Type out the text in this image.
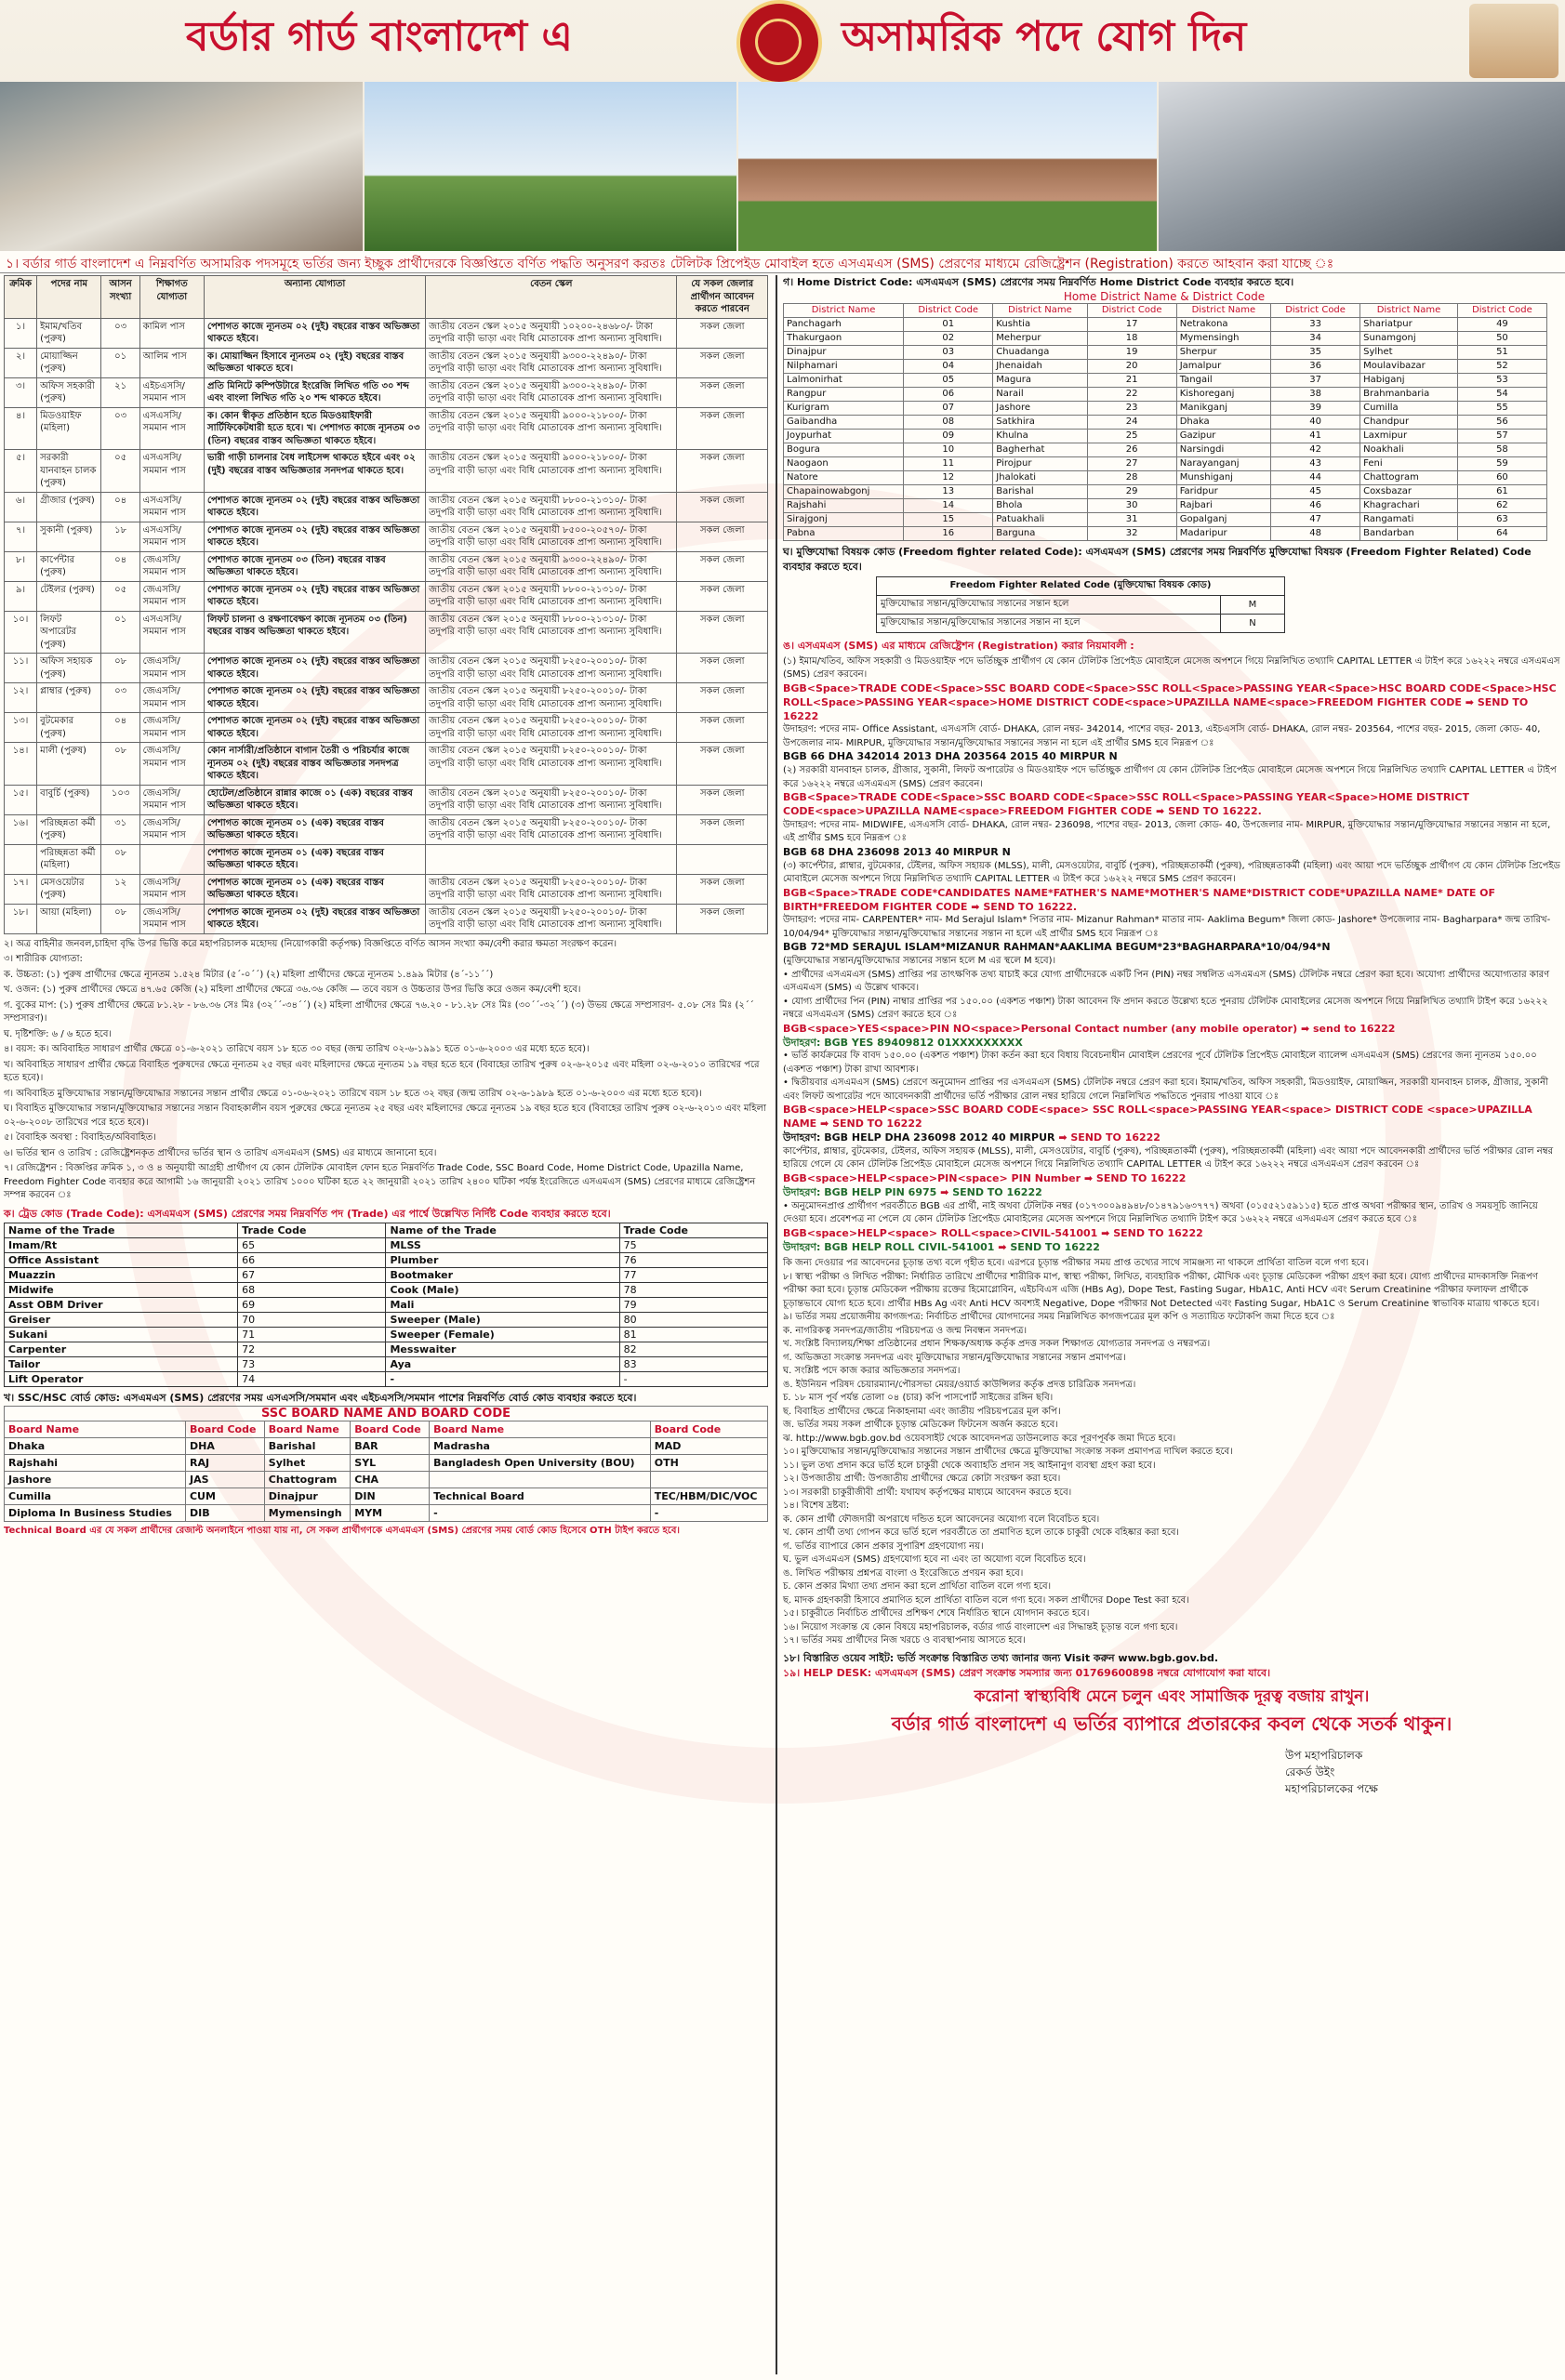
বর্ডার গার্ড বাংলাদেশ এ	অসামরিক পদে যোগ দিন
১। বর্ডার গার্ড বাংলাদেশ এ নিম্নবর্ণিত অসামরিক পদসমূহে ভর্তির জন্য ইচ্ছুক প্রার্থীদেরকে বিজ্ঞপ্তিতে বর্ণিত পদ্ধতি অনুসরণ করতঃ টেলিটক প্রিপেইড মোবাইল হতে এসএমএস (SMS) প্রেরণের মাধ্যমে রেজিষ্ট্রেশন (Registration) করতে আহবান করা যাচ্ছে ঃ
ক্রমিক	পদের নাম	আসন সংখ্যা	শিক্ষাগত যোগ্যতা	অন্যান্য যোগ্যতা	বেতন স্কেল	যে সকল জেলার প্রার্থীগন আবেদন করতে পারবেন
১।	ইমাম/খতিব (পুরুষ)	০৩	কামিল পাস	পেশাগত কাজে ন্যূনতম ০২ (দুই) বছরের বাস্তব অভিজ্ঞতা থাকতে হইবে।	জাতীয় বেতন স্কেল ২০১৫ অনুযায়ী ১০২০০-২৪৬৮০/- টাকা তদুপরি বাড়ী ভাড়া এবং বিধি মোতাবেক প্রাপ্য অন্যান্য সুবিধাদি।	সকল জেলা
২।	মোয়াজ্জিন (পুরুষ)	০১	আলিম পাস	ক। মোয়াজ্জিন হিসাবে ন্যূনতম ০২ (দুই) বছরের বাস্তব অভিজ্ঞতা থাকতে হবে।	জাতীয় বেতন স্কেল ২০১৫ অনুযায়ী ৯৩০০-২২৪৯০/- টাকা তদুপরি বাড়ী ভাড়া এবং বিধি মোতাবেক প্রাপ্য অন্যান্য সুবিধাদি।	সকল জেলা
৩।	অফিস সহকারী (পুরুষ)	২১	এইচএসসি/ সমমান পাস	প্রতি মিনিটে কম্পিউটারে ইংরেজি লিখিত গতি ৩০ শব্দ এবং বাংলা লিখিত গতি ২০ শব্দ থাকতে হইবে।	জাতীয় বেতন স্কেল ২০১৫ অনুযায়ী ৯৩০০-২২৪৯০/- টাকা তদুপরি বাড়ী ভাড়া এবং বিধি মোতাবেক প্রাপ্য অন্যান্য সুবিধাদি।	সকল জেলা
৪।	মিডওয়াইফ (মহিলা)	০৩	এসএসসি/ সমমান পাস	ক। কোন স্বীকৃত প্রতিষ্ঠান হতে মিডওয়াইফারী সার্টিফিকেটধারী হতে হবে। খ। পেশাগত কাজে ন্যূনতম ০৩ (তিন) বছরের বাস্তব অভিজ্ঞতা থাকতে হইবে।	জাতীয় বেতন স্কেল ২০১৫ অনুযায়ী ৯০০০-২১৮০০/- টাকা তদুপরি বাড়ী ভাড়া এবং বিধি মোতাবেক প্রাপ্য অন্যান্য সুবিধাদি।	সকল জেলা
৫।	সরকারী যানবাহন চালক (পুরুষ)	০৫	এসএসসি/ সমমান পাস	ভারী গাড়ী চালনার বৈধ লাইসেন্স থাকতে হইবে এবং ০২ (দুই) বছরের বাস্তব অভিজ্ঞতার সনদপত্র থাকতে হবে।	জাতীয় বেতন স্কেল ২০১৫ অনুযায়ী ৯০০০-২১৮০০/- টাকা তদুপরি বাড়ী ভাড়া এবং বিধি মোতাবেক প্রাপ্য অন্যান্য সুবিধাদি।	সকল জেলা
৬।	গ্রীজার (পুরুষ)	০৪	এসএসসি/ সমমান পাস	পেশাগত কাজে ন্যূনতম ০২ (দুই) বছরের বাস্তব অভিজ্ঞতা থাকতে হইবে।	জাতীয় বেতন স্কেল ২০১৫ অনুযায়ী ৮৮০০-২১৩১০/- টাকা তদুপরি বাড়ী ভাড়া এবং বিধি মোতাবেক প্রাপ্য অন্যান্য সুবিধাদি।	সকল জেলা
৭।	সুকানী (পুরুষ)	১৮	এসএসসি/ সমমান পাস	পেশাগত কাজে ন্যূনতম ০২ (দুই) বছরের বাস্তব অভিজ্ঞতা থাকতে হইবে।	জাতীয় বেতন স্কেল ২০১৫ অনুযায়ী ৮৫০০-২০৫৭০/- টাকা তদুপরি বাড়ী ভাড়া এবং বিধি মোতাবেক প্রাপ্য অন্যান্য সুবিধাদি।	সকল জেলা
৮।	কার্পেন্টার (পুরুষ)	০৪	জেএসসি/ সমমান পাস	পেশাগত কাজে ন্যূনতম ০৩ (তিন) বছরের বাস্তব অভিজ্ঞতা থাকতে হইবে।	জাতীয় বেতন স্কেল ২০১৫ অনুযায়ী ৯৩০০-২২৪৯০/- টাকা তদুপরি বাড়ী ভাড়া এবং বিধি মোতাবেক প্রাপ্য অন্যান্য সুবিধাদি।	সকল জেলা
৯।	টেইলর (পুরুষ)	০৫	জেএসসি/ সমমান পাস	পেশাগত কাজে ন্যূনতম ০২ (দুই) বছরের বাস্তব অভিজ্ঞতা থাকতে হইবে।	জাতীয় বেতন স্কেল ২০১৫ অনুযায়ী ৮৮০০-২১৩১০/- টাকা তদুপরি বাড়ী ভাড়া এবং বিধি মোতাবেক প্রাপ্য অন্যান্য সুবিধাদি।	সকল জেলা
১০।	লিফট অপারেটর (পুরুষ)	০১	এসএসসি/ সমমান পাস	লিফট চালনা ও রক্ষণাবেক্ষণ কাজে ন্যূনতম ০৩ (তিন) বছরের বাস্তব অভিজ্ঞতা থাকতে হইবে।	জাতীয় বেতন স্কেল ২০১৫ অনুযায়ী ৮৮০০-২১৩১০/- টাকা তদুপরি বাড়ী ভাড়া এবং বিধি মোতাবেক প্রাপ্য অন্যান্য সুবিধাদি।	সকল জেলা
১১।	অফিস সহায়ক (পুরুষ)	০৮	জেএসসি/ সমমান পাস	পেশাগত কাজে ন্যূনতম ০২ (দুই) বছরের বাস্তব অভিজ্ঞতা থাকতে হইবে।	জাতীয় বেতন স্কেল ২০১৫ অনুযায়ী ৮২৫০-২০০১০/- টাকা তদুপরি বাড়ী ভাড়া এবং বিধি মোতাবেক প্রাপ্য অন্যান্য সুবিধাদি।	সকল জেলা
১২।	প্লাম্বার (পুরুষ)	০৩	জেএসসি/ সমমান পাস	পেশাগত কাজে ন্যূনতম ০২ (দুই) বছরের বাস্তব অভিজ্ঞতা থাকতে হইবে।	জাতীয় বেতন স্কেল ২০১৫ অনুযায়ী ৮২৫০-২০০১০/- টাকা তদুপরি বাড়ী ভাড়া এবং বিধি মোতাবেক প্রাপ্য অন্যান্য সুবিধাদি।	সকল জেলা
১৩।	বুটমেকার (পুরুষ)	০৪	জেএসসি/ সমমান পাস	পেশাগত কাজে ন্যূনতম ০২ (দুই) বছরের বাস্তব অভিজ্ঞতা থাকতে হইবে।	জাতীয় বেতন স্কেল ২০১৫ অনুযায়ী ৮২৫০-২০০১০/- টাকা তদুপরি বাড়ী ভাড়া এবং বিধি মোতাবেক প্রাপ্য অন্যান্য সুবিধাদি।	সকল জেলা
১৪।	মালী (পুরুষ)	০৮	জেএসসি/ সমমান পাস	কোন নার্সারী/প্রতিষ্ঠানে বাগান তৈরী ও পরিচর্যার কাজে ন্যূনতম ০২ (দুই) বছরের বাস্তব অভিজ্ঞতার সনদপত্র থাকতে হইবে।	জাতীয় বেতন স্কেল ২০১৫ অনুযায়ী ৮২৫০-২০০১০/- টাকা তদুপরি বাড়ী ভাড়া এবং বিধি মোতাবেক প্রাপ্য অন্যান্য সুবিধাদি।	সকল জেলা
১৫।	বাবুর্চি (পুরুষ)	১০৩	জেএসসি/ সমমান পাস	হোটেল/প্রতিষ্ঠানে রান্নার কাজে ০১ (এক) বছরের বাস্তব অভিজ্ঞতা থাকতে হইবে।	জাতীয় বেতন স্কেল ২০১৫ অনুযায়ী ৮২৫০-২০০১০/- টাকা তদুপরি বাড়ী ভাড়া এবং বিধি মোতাবেক প্রাপ্য অন্যান্য সুবিধাদি।	সকল জেলা
১৬।	পরিচ্ছন্নতা কর্মী (পুরুষ)	৩১	জেএসসি/ সমমান পাস	পেশাগত কাজে ন্যূনতম ০১ (এক) বছরের বাস্তব অভিজ্ঞতা থাকতে হইবে।	জাতীয় বেতন স্কেল ২০১৫ অনুযায়ী ৮২৫০-২০০১০/- টাকা তদুপরি বাড়ী ভাড়া এবং বিধি মোতাবেক প্রাপ্য অন্যান্য সুবিধাদি।	সকল জেলা
	পরিচ্ছন্নতা কর্মী (মহিলা)	০৮		পেশাগত কাজে ন্যূনতম ০১ (এক) বছরের বাস্তব অভিজ্ঞতা থাকতে হইবে।		
১৭।	মেসওয়েটার (পুরুষ)	১২	জেএসসি/ সমমান পাস	পেশাগত কাজে ন্যূনতম ০১ (এক) বছরের বাস্তব অভিজ্ঞতা থাকতে হইবে।	জাতীয় বেতন স্কেল ২০১৫ অনুযায়ী ৮২৫০-২০০১০/- টাকা তদুপরি বাড়ী ভাড়া এবং বিধি মোতাবেক প্রাপ্য অন্যান্য সুবিধাদি।	সকল জেলা
১৮।	আয়া (মহিলা)	০৮	জেএসসি/ সমমান পাস	পেশাগত কাজে ন্যূনতম ০২ (দুই) বছরের বাস্তব অভিজ্ঞতা থাকতে হইবে।	জাতীয় বেতন স্কেল ২০১৫ অনুযায়ী ৮২৫০-২০০১০/- টাকা তদুপরি বাড়ী ভাড়া এবং বিধি মোতাবেক প্রাপ্য অন্যান্য সুবিধাদি।	সকল জেলা
২। অত্র বাহিনীর জনবল,চাহিদা বৃদ্ধি উপর ভিত্তি করে মহাপরিচালক মহোদয় (নিয়োগকারী কর্তৃপক্ষ) বিজ্ঞপ্তিতে বর্ণিত আসন সংখ্যা কম/বেশী করার ক্ষমতা সংরক্ষণ করেন।
৩। শারীরিক যোগ্যতা:
ক. উচ্চতা: (১) পুরুষ প্রার্থীদের ক্ষেত্রে ন্যূনতম ১.৫২৪ মিটার (৫´-০´´) (২) মহিলা প্রার্থীদের ক্ষেত্রে ন্যূনতম ১.৪৯৯ মিটার (৪´-১১´´)
খ. ওজন: (১) পুরুষ প্রার্থীদের ক্ষেত্রে ৪৭.৬৫ কেজি (২) মহিলা প্রার্থীদের ক্ষেত্রে ৩৬.৩৬ কেজি — তবে বয়স ও উচ্চতার উপর ভিত্তি করে ওজন কম/বেশী হবে।
গ. বুকের মাপ: (১) পুরুষ প্রার্থীদের ক্ষেত্রে ৮১.২৮ - ৮৬.৩৬ সেঃ মিঃ (৩২´´-৩৪´´) (২) মহিলা প্রার্থীদের ক্ষেত্রে ৭৬.২০ - ৮১.২৮ সেঃ মিঃ (৩০´´-৩২´´) (৩) উভয় ক্ষেত্রে সম্প্রসারণ- ৫.০৮ সেঃ মিঃ (২´´ সম্প্রসারণ)।
ঘ. দৃষ্টিশক্তি: ৬ / ৬ হতে হবে।
৪। বয়স: ক। অবিবাহিত সাধারণ প্রার্থীর ক্ষেত্রে ০১-৬-২০২১ তারিখে বয়স ১৮ হতে ৩০ বছর (জন্ম তারিখ ০২-৬-১৯৯১ হতে ০১-৬-২০০৩ এর মধ্যে হতে হবে)।
খ। অবিবাহিত সাধারণ প্রার্থীর ক্ষেত্রে বিবাহিত পুরুষদের ক্ষেত্রে নূন্যতম ২৫ বছর এবং মহিলাদের ক্ষেত্রে নূন্যতম ১৯ বছর হতে হবে (বিবাহের তারিখ পুরুষ ০২-৬-২০১৫ এবং মহিলা ০২-৬-২০১০ তারিখের পরে হতে হবে)।
গ। অবিবাহিত মুক্তিযোদ্ধার সন্তান/মুক্তিযোদ্ধার সন্তানের সন্তান প্রার্থীর ক্ষেত্রে ০১-০৬-২০২১ তারিখে বয়স ১৮ হতে ৩২ বছর (জন্ম তারিখ ০২-৬-১৯৮৯ হতে ০১-৬-২০০৩ এর মধ্যে হতে হবে)।
ঘ। বিবাহিত মুক্তিযোদ্ধার সন্তান/মুক্তিযোদ্ধার সন্তানের সন্তান বিবাহকালীন বয়স পুরুষের ক্ষেত্রে নূন্যতম ২৫ বছর এবং মহিলাদের ক্ষেত্রে নূন্যতম ১৯ বছর হতে হবে (বিবাহের তারিখ পুরুষ ০২-৬-২০১৩ এবং মহিলা ০২-৬-২০০৮ তারিখের পরে হতে হবে)।
৫। বৈবাহিক অবস্থা : বিবাহিত/অবিবাহিত।
৬। ভর্তির স্থান ও তারিখ : রেজিষ্ট্রেশনকৃত প্রার্থীদের ভর্তির স্থান ও তারিখ এসএমএস (SMS) এর মাধ্যমে জানানো হবে।
৭। রেজিষ্ট্রেশন : বিজ্ঞপ্তির ক্রমিক ১, ৩ ও ৪ অনুযায়ী আগ্রহী প্রার্থীগণ যে কোন টেলিটক মোবাইল ফোন হতে নিম্নবর্ণিত Trade Code, SSC Board Code, Home District Code, Upazilla Name, Freedom Fighter Code ব্যবহার করে আগামী ১৬ জানুয়ারী ২০২১ তারিখ ১০০০ ঘটিকা হতে ২২ জানুয়ারী ২০২১ তারিখ ২৪০০ ঘটিকা পর্যন্ত ইংরেজিতে এসএমএস (SMS) প্রেরণের মাধ্যমে রেজিষ্ট্রেশন সম্পন্ন করবেন ঃ
ক। ট্রেড কোড (Trade Code): এসএমএস (SMS) প্রেরণের সময় নিম্নবর্ণিত পদ (Trade) এর পার্শ্বে উল্লেখিত নির্দিষ্ট Code ব্যবহার করতে হবে।
Name of the Trade	Trade Code	Name of the Trade	Trade Code
Imam/Rt	65	MLSS	75
Office Assistant	66	Plumber	76
Muazzin	67	Bootmaker	77
Midwife	68	Cook (Male)	78
Asst OBM Driver	69	Mali	79
Greiser	70	Sweeper (Male)	80
Sukani	71	Sweeper (Female)	81
Carpenter	72	Messwaiter	82
Tailor	73	Aya	83
Lift Operator	74	-	-
খ। SSC/HSC বোর্ড কোড: এসএমএস (SMS) প্রেরণের সময় এসএসসি/সমমান এবং এইচএসসি/সমমান পাশের নিম্নবর্ণিত বোর্ড কোড ব্যবহার করতে হবে।
SSC BOARD NAME AND BOARD CODE
Board Name	Board Code	Board Name	Board Code	Board Name	Board Code
Dhaka	DHA	Barishal	BAR	Madrasha	MAD
Rajshahi	RAJ	Sylhet	SYL	Bangladesh Open University (BOU)	OTH
Jashore	JAS	Chattogram	CHA		
Cumilla	CUM	Dinajpur	DIN	Technical Board	TEC/HBM/DIC/VOC
Diploma In Business Studies	DIB	Mymensingh	MYM	-	-
Technical Board এর যে সকল প্রার্থীদের রেজাল্ট অনলাইনে পাওয়া যায় না, সে সকল প্রার্থীগণকে এসএমএস (SMS) প্রেরণের সময় বোর্ড কোড হিসেবে OTH টাইপ করতে হবে।
গ। Home District Code: এসএমএস (SMS) প্রেরণের সময় নিম্নবর্ণিত Home District Code ব্যবহার করতে হবে।
Home District Name & District Code
District Name	District Code	District Name	District Code	District Name	District Code	District Name	District Code
Panchagarh	01	Kushtia	17	Netrakona	33	Shariatpur	49
Thakurgaon	02	Meherpur	18	Mymensingh	34	Sunamgonj	50
Dinajpur	03	Chuadanga	19	Sherpur	35	Sylhet	51
Nilphamari	04	Jhenaidah	20	Jamalpur	36	Moulavibazar	52
Lalmonirhat	05	Magura	21	Tangail	37	Habiganj	53
Rangpur	06	Narail	22	Kishoreganj	38	Brahmanbaria	54
Kurigram	07	Jashore	23	Manikganj	39	Cumilla	55
Gaibandha	08	Satkhira	24	Dhaka	40	Chandpur	56
Joypurhat	09	Khulna	25	Gazipur	41	Laxmipur	57
Bogura	10	Bagherhat	26	Narsingdi	42	Noakhali	58
Naogaon	11	Pirojpur	27	Narayanganj	43	Feni	59
Natore	12	Jhalokati	28	Munshiganj	44	Chattogram	60
Chapainowabgonj	13	Barishal	29	Faridpur	45	Coxsbazar	61
Rajshahi	14	Bhola	30	Rajbari	46	Khagrachari	62
Sirajgonj	15	Patuakhali	31	Gopalganj	47	Rangamati	63
Pabna	16	Barguna	32	Madaripur	48	Bandarban	64
ঘ। মুক্তিযোদ্ধা বিষয়ক কোড (Freedom fighter related Code): এসএমএস (SMS) প্রেরণের সময় নিম্নবর্ণিত মুক্তিযোদ্ধা বিষয়ক (Freedom Fighter Related) Code ব্যবহার করতে হবে।
Freedom Fighter Related Code (মুক্তিযোদ্ধা বিষয়ক কোড)	
মুক্তিযোদ্ধার সন্তান/মুক্তিযোদ্ধার সন্তানের সন্তান হলে	M
মুক্তিযোদ্ধার সন্তান/মুক্তিযোদ্ধার সন্তানের সন্তান না হলে	N
ঙ। এসএমএস (SMS) এর মাধ্যমে রেজিষ্ট্রেশন (Registration) করার নিয়মাবলী :
(১) ইমাম/খতিব, অফিস সহকারী ও মিডওয়াইফ পদে ভর্তিচ্ছুক প্রার্থীগণ যে কোন টেলিটক প্রিপেইড মোবাইলে মেসেজ অপশনে গিয়ে নিম্নলিখিত তথ্যাদি CAPITAL LETTER এ টাইপ করে ১৬২২২ নম্বরে এসএমএস (SMS) প্রেরণ করবেন।
BGB<Space>TRADE CODE<Space>SSC BOARD CODE<Space>SSC ROLL<Space>PASSING YEAR<Space>HSC BOARD CODE<Space>HSC ROLL<Space>PASSING YEAR<space>HOME DISTRICT CODE<space>UPAZILLA NAME<space>FREEDOM FIGHTER CODE ➡ SEND TO 16222
উদাহরণ: পদের নাম- Office Assistant, এসএসসি বোর্ড- DHAKA, রোল নম্বর- 342014, পাশের বছর- 2013, এইচএসসি বোর্ড- DHAKA, রোল নম্বর- 203564, পাশের বছর- 2015, জেলা কোড- 40, উপজেলার নাম- MIRPUR, মুক্তিযোদ্ধার সন্তান/মুক্তিযোদ্ধার সন্তানের সন্তান না হলে এই প্রার্থীর SMS হবে নিম্নরূপ ঃ
BGB 66 DHA 342014 2013 DHA 203564 2015 40 MIRPUR N
(২) সরকারী যানবাহন চালক, গ্রীজার, সুকানী, লিফট অপারেটর ও মিডওয়াইফ পদে ভর্তিচ্ছুক প্রার্থীগণ যে কোন টেলিটক প্রিপেইড মোবাইলে মেসেজ অপশনে গিয়ে নিম্নলিখিত তথ্যাদি CAPITAL LETTER এ টাইপ করে ১৬২২২ নম্বরে এসএমএস (SMS) প্রেরণ করবেন।
BGB<Space>TRADE CODE<Space>SSC BOARD CODE<Space>SSC ROLL<Space>PASSING YEAR<Space>HOME DISTRICT CODE<space>UPAZILLA NAME<space>FREEDOM FIGHTER CODE ➡ SEND TO 16222.
উদাহরণ: পদের নাম- MIDWIFE, এসএসসি বোর্ড- DHAKA, রোল নম্বর- 236098, পাশের বছর- 2013, জেলা কোড- 40, উপজেলার নাম- MIRPUR, মুক্তিযোদ্ধার সন্তান/মুক্তিযোদ্ধার সন্তানের সন্তান না হলে, এই প্রার্থীর SMS হবে নিম্নরূপ ঃ
BGB 68 DHA 236098 2013 40 MIRPUR N
(৩) কার্পেন্টার, প্লাম্বার, বুটমেকার, টেইলর, অফিস সহায়ক (MLSS), মালী, মেসওয়েটার, বাবুর্চি (পুরুষ), পরিচ্ছন্নতাকর্মী (পুরুষ), পরিচ্ছন্নতাকর্মী (মহিলা) এবং আয়া পদে ভর্তিচ্ছুক প্রার্থীগণ যে কোন টেলিটক প্রিপেইড মোবাইলে মেসেজ অপশনে গিয়ে নিম্নলিখিত তথ্যাদি CAPITAL LETTER এ টাইপ করে ১৬২২২ নম্বরে SMS প্রেরণ করবেন।
BGB<Space>TRADE CODE*CANDIDATES NAME*FATHER'S NAME*MOTHER'S NAME*DISTRICT CODE*UPAZILLA NAME* DATE OF BIRTH*FREEDOM FIGHTER CODE ➡ SEND TO 16222.
উদাহরণ: পদের নাম- CARPENTER* নাম- Md Serajul Islam* পিতার নাম- Mizanur Rahman* মাতার নাম- Aaklima Begum* জিলা কোড- Jashore* উপজেলার নাম- Bagharpara* জন্ম তারিখ- 10/04/94* মুক্তিযোদ্ধার সন্তান/মুক্তিযোদ্ধার সন্তানের সন্তান না হলে এই প্রার্থীর SMS হবে নিম্নরূপ ঃ
BGB 72*MD SERAJUL ISLAM*MIZANUR RAHMAN*AAKLIMA BEGUM*23*BAGHARPARA*10/04/94*N
(মুক্তিযোদ্ধার সন্তান/মুক্তিযোদ্ধার সন্তানের সন্তান হলে M এর স্থলে M হবে)।
• প্রার্থীদের এসএমএস (SMS) প্রাপ্তির পর তাৎক্ষণিক তথ্য যাচাই করে যোগ্য প্রার্থীদেরকে একটি পিন (PIN) নম্বর সম্বলিত এসএমএস (SMS) টেলিটক নম্বরে প্রেরণ করা হবে। অযোগ্য প্রার্থীদের অযোগ্যতার কারণ এসএমএস (SMS) এ উল্লেখ থাকবে।
• যোগ্য প্রার্থীদের পিন (PIN) নাম্বার প্রাপ্তির পর ১৫০.০০ (একশত পঞ্চাশ) টাকা আবেদন ফি প্রদান করতে উল্লেখ্য হতে পুনরায় টেলিটক মোবাইলের মেসেজ অপশনে গিয়ে নিম্নলিখিত তথ্যাদি টাইপ করে ১৬২২২ নম্বরে এসএমএস (SMS) প্রেরণ করতে হবে ঃ
BGB<space>YES<space>PIN NO<space>Personal Contact number (any mobile operator) ➡ send to 16222
উদাহরণ: BGB YES 89409812 01XXXXXXXXX
• ভর্তি কার্যক্রমের ফি বাবদ ১৫০.০০ (একশত পঞ্চাশ) টাকা কর্তন করা হবে বিধায় বিবেচনাধীন মোবাইল প্রেরণের পূর্বে টেলিটক প্রিপেইড মোবাইলে ব্যালেন্স এসএমএস (SMS) প্রেরণের জন্য ন্যূনতম ১৫০.০০ (একশত পঞ্চাশ) টাকা রাখা আবশ্যক।
• দ্বিতীয়বার এসএমএস (SMS) প্রেরণে অনুমোদন প্রাপ্তির পর এসএমএস (SMS) টেলিটক নম্বরে প্রেরণ করা হবে। ইমাম/খতিব, অফিস সহকারী, মিডওয়াইফ, মোয়াজ্জিন, সরকারী যানবাহন চালক, গ্রীজার, সুকানী এবং লিফট অপারেটর পদে আবেদনকারী প্রার্থীদের ভর্তি পরীক্ষার রোল নম্বর হারিয়ে গেলে নিম্নলিখিত পদ্ধতিতে পুনরায় পাওয়া যাবে ঃ
BGB<space>HELP<space>SSC BOARD CODE<space> SSC ROLL<space>PASSING YEAR<space> DISTRICT CODE <space>UPAZILLA NAME ➡ SEND TO 16222
উদাহরণ: BGB HELP DHA 236098 2012 40 MIRPUR ➡ SEND TO 16222
কার্পেন্টার, প্লাম্বার, বুটমেকার, টেইলর, অফিস সহায়ক (MLSS), মালী, মেসওয়েটার, বাবুর্চি (পুরুষ), পরিচ্ছন্নতাকর্মী (পুরুষ), পরিচ্ছন্নতাকর্মী (মহিলা) এবং আয়া পদে আবেদনকারী প্রার্থীদের ভর্তি পরীক্ষার রোল নম্বর হারিয়ে গেলে যে কোন টেলিটক প্রিপেইড মোবাইলে মেসেজ অপশনে গিয়ে নিম্নলিখিত তথ্যাদি CAPITAL LETTER এ টাইপ করে ১৬২২২ নম্বরে এসএমএস প্রেরণ করবেন ঃ
BGB<space>HELP<space>PIN<space> PIN Number ➡ SEND TO 16222
উদাহরণ: BGB HELP PIN 6975 ➡ SEND TO 16222
• অনুমোদনপ্রাপ্ত প্রার্থীগণ পরবর্তীতে BGB এর প্রার্থী, নাই অথবা টেলিটক নম্বর (০১৭৩০০৯৪৯৪৮/০১৪৭৯১৬৩৭৭৭) অথবা (০১৫৫২১৫৯১১৫) হতে প্রাপ্ত অথবা পরীক্ষার স্থান, তারিখ ও সময়সূচি জানিয়ে দেওয়া হবে। প্রবেশপত্র না পেলে যে কোন টেলিটক প্রিপেইড মোবাইলের মেসেজ অপশনে গিয়ে নিম্নলিখিত তথ্যাদি টাইপ করে ১৬২২২ নম্বরে এসএমএস প্রেরণ করতে হবে ঃ
BGB<space>HELP<space> ROLL<space>CIVIL-541001 ➡ SEND TO 16222
উদাহরণ: BGB HELP ROLL CIVIL-541001 ➡ SEND TO 16222
কি জন্য দেওয়ার পর আবেদনের চূড়ান্ত তথ্য বলে গৃহীত হবে। এরপরে চূড়ান্ত পরীক্ষার সময় প্রাপ্ত তথ্যের সাথে সামঞ্জস্য না থাকলে প্রার্থিতা বাতিল বলে গণ্য হবে।
৮। স্বাস্থ্য পরীক্ষা ও লিখিত পরীক্ষা: নির্ধারিত তারিখে প্রার্থীদের শারীরিক মাপ, স্বাস্থ্য পরীক্ষা, লিখিত, ব্যবহারিক পরীক্ষা, মৌখিক এবং চূড়ান্ত মেডিকেল পরীক্ষা গ্রহণ করা হবে। যোগ্য প্রার্থীদের মাদকাসক্তি নিরূপণ পরীক্ষা করা হবে। চূড়ান্ত মেডিকেল পরীক্ষায় রক্তের হিমোগ্লোবিন, এইচবিএস এজি (HBs Ag), Dope Test, Fasting Sugar, HbA1C, Anti HCV এবং Serum Creatinine পরীক্ষার ফলাফল প্রার্থীকে চূড়ান্তভাবে যোগ্য হতে হবে। প্রার্থীর HBs Ag এবং Anti HCV অবশ্যই Negative, Dope পরীক্ষার Not Detected এবং Fasting Sugar, HbA1C ও Serum Creatinine স্বাভাবিক মাত্রায় থাকতে হবে।
৯। ভর্তির সময় প্রয়োজনীয় কাগজপত্র: নির্বাচিত প্রার্থীদের যোগদানের সময় নিম্নলিখিত কাগজপত্রের মূল কপি ও সত্যায়িত ফটোকপি জমা দিতে হবে ঃ
ক. নাগরিকত্ব সনদপত্র/জাতীয় পরিচয়পত্র ও জন্ম নিবন্ধন সনদপত্র।
খ. সংশ্লিষ্ট বিদ্যালয়/শিক্ষা প্রতিষ্ঠানের প্রধান শিক্ষক/অধ্যক্ষ কর্তৃক প্রদত্ত সকল শিক্ষাগত যোগ্যতার সনদপত্র ও নম্বরপত্র।
গ. অভিজ্ঞতা সংক্রান্ত সনদপত্র এবং মুক্তিযোদ্ধার সন্তান/মুক্তিযোদ্ধার সন্তানের সন্তান প্রমাণপত্র।
ঘ. সংশ্লিষ্ট পদে কাজ করার অভিজ্ঞতার সনদপত্র।
ঙ. ইউনিয়ন পরিষদ চেয়ারম্যান/পৌরসভা মেয়র/ওয়ার্ড কাউন্সিলর কর্তৃক প্রদত্ত চারিত্রিক সনদপত্র।
চ. ১৮ মাস পূর্ব পর্যন্ত তোলা ০৪ (চার) কপি পাসপোর্ট সাইজের রঙ্গিন ছবি।
ছ. বিবাহিত প্রার্থীদের ক্ষেত্রে নিকাহনামা এবং জাতীয় পরিচয়পত্রের মূল কপি।
জ. ভর্তির সময় সকল প্রার্থীকে চূড়ান্ত মেডিকেল ফিটনেস অর্জন করতে হবে।
ঝ. http://www.bgb.gov.bd ওয়েবসাইট থেকে আবেদনপত্র ডাউনলোড করে পূরণপূর্বক জমা দিতে হবে।
১০। মুক্তিযোদ্ধার সন্তান/মুক্তিযোদ্ধার সন্তানের সন্তান প্রার্থীদের ক্ষেত্রে মুক্তিযোদ্ধা সংক্রান্ত সকল প্রমাণপত্র দাখিল করতে হবে।
১১। ভুল তথ্য প্রদান করে ভর্তি হলে চাকুরী থেকে অব্যাহতি প্রদান সহ আইনানুগ ব্যবস্থা গ্রহণ করা হবে।
১২। উপজাতীয় প্রার্থী: উপজাতীয় প্রার্থীদের ক্ষেত্রে কোটা সংরক্ষণ করা হবে।
১৩। সরকারী চাকুরীজীবী প্রার্থী: যথাযথ কর্তৃপক্ষের মাধ্যমে আবেদন করতে হবে।
১৪। বিশেষ দ্রষ্টব্য:
ক. কোন প্রার্থী ফৌজদারী অপরাধে দন্ডিত হলে আবেদনের অযোগ্য বলে বিবেচিত হবে।
খ. কোন প্রার্থী তথ্য গোপন করে ভর্তি হলে পরবর্তীতে তা প্রমাণিত হলে তাকে চাকুরী থেকে বহিষ্কার করা হবে।
গ. ভর্তির ব্যাপারে কোন প্রকার সুপারিশ গ্রহণযোগ্য নয়।
ঘ. ভুল এসএমএস (SMS) গ্রহণযোগ্য হবে না এবং তা অযোগ্য বলে বিবেচিত হবে।
ঙ. লিখিত পরীক্ষায় প্রশ্নপত্র বাংলা ও ইংরেজিতে প্রণয়ন করা হবে।
চ. কোন প্রকার মিথ্যা তথ্য প্রদান করা হলে প্রার্থিতা বাতিল বলে গণ্য হবে।
ছ. মাদক গ্রহণকারী হিসাবে প্রমাণিত হলে প্রার্থিতা বাতিল বলে গণ্য হবে। সকল প্রার্থীদের Dope Test করা হবে।
১৫। চাকুরীতে নির্বাচিত প্রার্থীদের প্রশিক্ষণ শেষে নির্ধারিত স্থানে যোগদান করতে হবে।
১৬। নিয়োগ সংক্রান্ত যে কোন বিষয়ে মহাপরিচালক, বর্ডার গার্ড বাংলাদেশ এর সিদ্ধান্তই চূড়ান্ত বলে গণ্য হবে।
১৭। ভর্তির সময় প্রার্থীদের নিজ খরচে ও ব্যবস্থাপনায় আসতে হবে।
১৮। বিস্তারিত ওয়েব সাইট: ভর্তি সংক্রান্ত বিস্তারিত তথ্য জানার জন্য Visit করুন www.bgb.gov.bd.
১৯। HELP DESK: এসএমএস (SMS) প্রেরণ সংক্রান্ত সমস্যার জন্য 01769600898 নম্বরে যোগাযোগ করা যাবে।
করোনা স্বাস্থ্যবিধি মেনে চলুন এবং সামাজিক দূরত্ব বজায় রাখুন।
বর্ডার গার্ড বাংলাদেশ এ ভর্তির ব্যাপারে প্রতারকের কবল থেকে সতর্ক থাকুন।
উপ মহাপরিচালক
রেকর্ড উইং
মহাপরিচালকের পক্ষে
